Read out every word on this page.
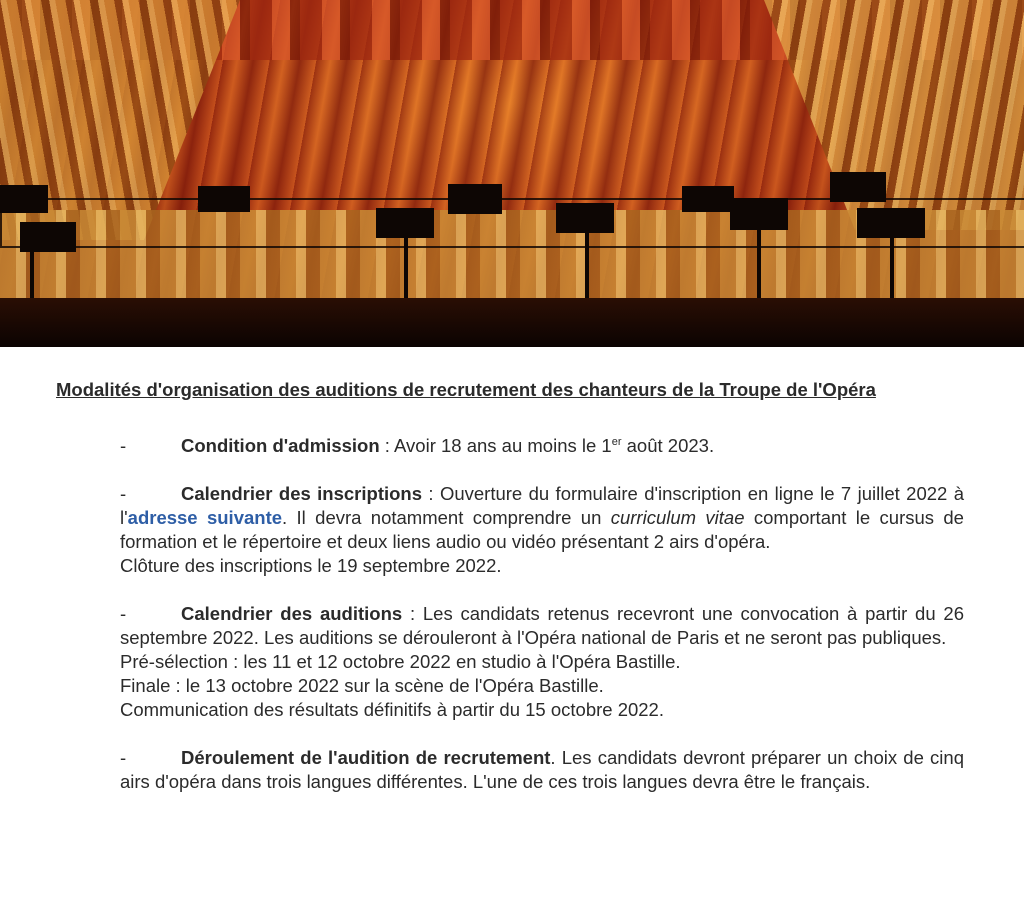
Modalités d'organisation des auditions de recrutement des chanteurs de la Troupe de l'Opéra

-	Condition d'admission : Avoir 18 ans au moins le 1er août 2023.

-	Calendrier des inscriptions : Ouverture du formulaire d'inscription en ligne le 7 juillet 2022 à l'adresse suivante. Il devra notamment comprendre un curriculum vitae comportant le cursus de formation et le répertoire et deux liens audio ou vidéo présentant 2 airs d'opéra.

Clôture des inscriptions le 19 septembre 2022.

-	Calendrier des auditions : Les candidats retenus recevront une convocation à partir du 26 septembre 2022. Les auditions se dérouleront à l'Opéra national de Paris et ne seront pas publiques.

Pré-sélection : les 11 et 12 octobre 2022 en studio à l'Opéra Bastille.

Finale : le 13 octobre 2022 sur la scène de l'Opéra Bastille.

Communication des résultats définitifs à partir du 15 octobre 2022.

-	Déroulement de l'audition de recrutement. Les candidats devront préparer un choix de cinq airs d'opéra dans trois langues différentes. L'une de ces trois langues devra être le français.
